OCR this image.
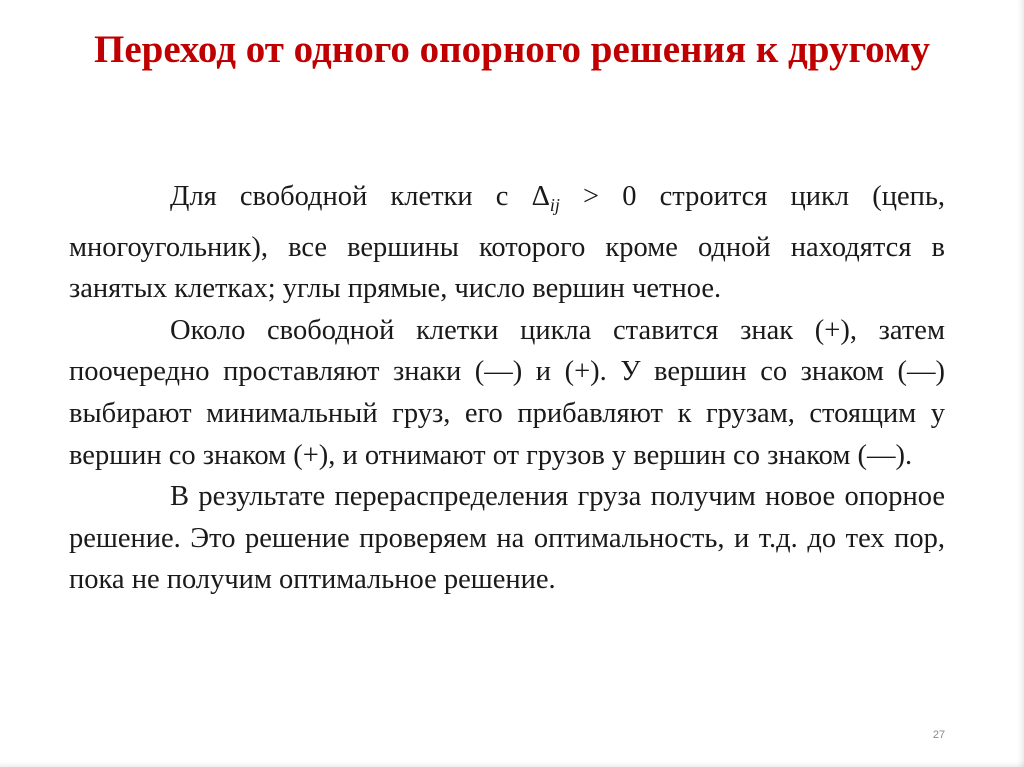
Переход от одного опорного решения к другому

Для свободной клетки с $\Delta_{ij} > 0$ строится цикл (цепь, многоугольник), все вершины которого кроме одной находятся в занятых клетках; углы прямые, число вершин четное.

Около свободной клетки цикла ставится знак (+), затем поочередно проставляют знаки (—) и (+). У вершин со знаком (—) выбирают минимальный груз, его прибавляют к грузам, стоящим у вершин со знаком (+), и отнимают от грузов у вершин со знаком (—).

В результате перераспределения груза получим новое опорное решение. Это решение проверяем на оптимальность, и т.д. до тех пор, пока не получим оптимальное решение.

27
